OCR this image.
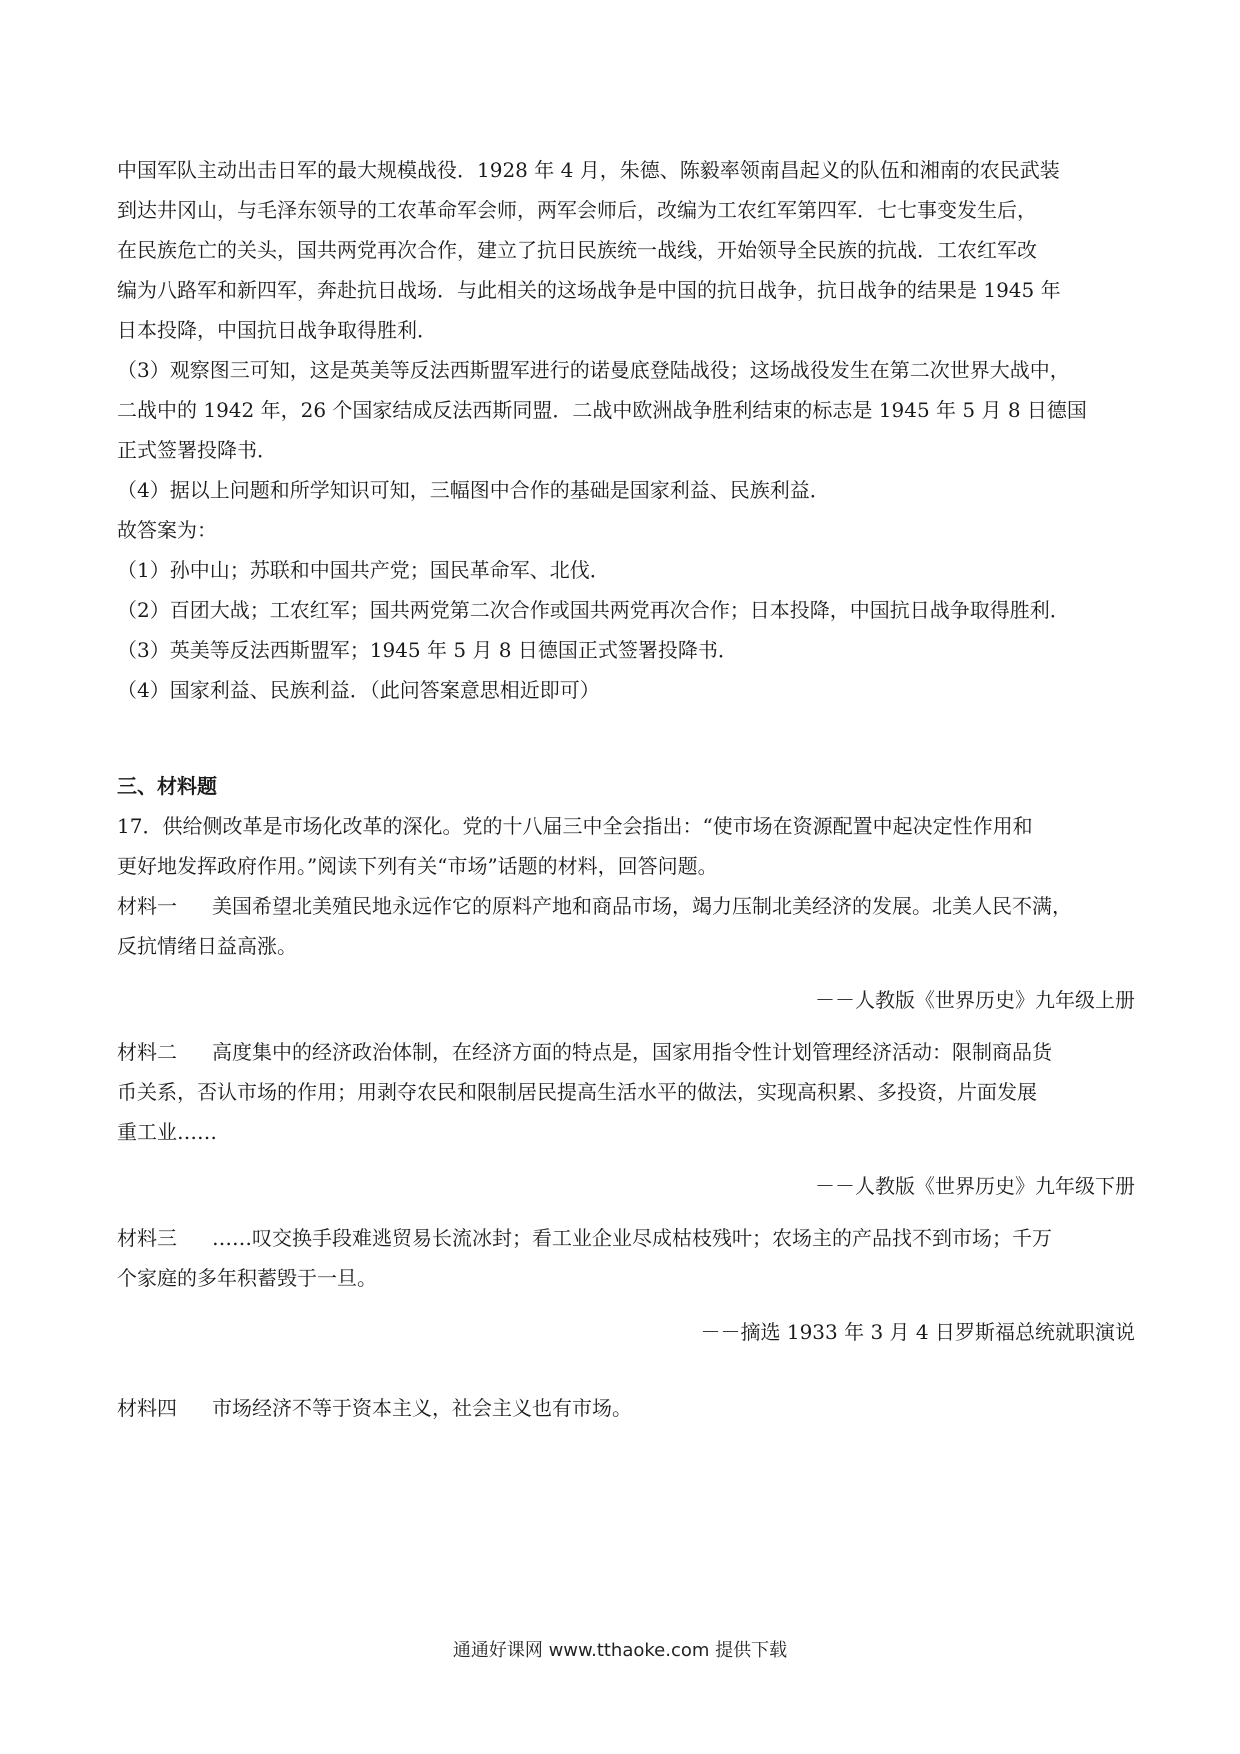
中国军队主动出击日军的最大规模战役．1928 年 4 月，朱德、陈毅率领南昌起义的队伍和湘南的农民武装
到达井冈山，与毛泽东领导的工农革命军会师，两军会师后，改编为工农红军第四军．七七事变发生后，
在民族危亡的关头，国共两党再次合作，建立了抗日民族统一战线，开始领导全民族的抗战．工农红军改
编为八路军和新四军，奔赴抗日战场．与此相关的这场战争是中国的抗日战争，抗日战争的结果是 1945 年
日本投降，中国抗日战争取得胜利．

（3）观察图三可知，这是英美等反法西斯盟军进行的诺曼底登陆战役；这场战役发生在第二次世界大战中，
二战中的 1942 年，26 个国家结成反法西斯同盟．二战中欧洲战争胜利结束的标志是 1945 年 5 月 8 日德国
正式签署投降书．

（4）据以上问题和所学知识可知，三幅图中合作的基础是国家利益、民族利益．

故答案为：

（1）孙中山；苏联和中国共产党；国民革命军、北伐．

（2）百团大战；工农红军；国共两党第二次合作或国共两党再次合作；日本投降，中国抗日战争取得胜利．

（3）英美等反法西斯盟军；1945 年 5 月 8 日德国正式签署投降书．

（4）国家利益、民族利益．（此问答案意思相近即可）

三、材料题

17．供给侧改革是市场化改革的深化。党的十八届三中全会指出：“使市场在资源配置中起决定性作用和
更好地发挥政府作用。”阅读下列有关“市场”话题的材料，回答问题。

材料一	美国希望北美殖民地永远作它的原料产地和商品市场，竭力压制北美经济的发展。北美人民不满，

反抗情绪日益高涨。

－－人教版《世界历史》九年级上册

材料二	高度集中的经济政治体制，在经济方面的特点是，国家用指令性计划管理经济活动：限制商品货

币关系，否认市场的作用；用剥夺农民和限制居民提高生活水平的做法，实现高积累、多投资，片面发展

重工业……

－－人教版《世界历史》九年级下册

材料三	……叹交换手段难逃贸易长流冰封；看工业企业尽成枯枝残叶；农场主的产品找不到市场；千万

个家庭的多年积蓄毁于一旦。

－－摘选 1933 年 3 月 4 日罗斯福总统就职演说

材料四	市场经济不等于资本主义，社会主义也有市场。

通通好课网 www.tthaoke.com 提供下载
